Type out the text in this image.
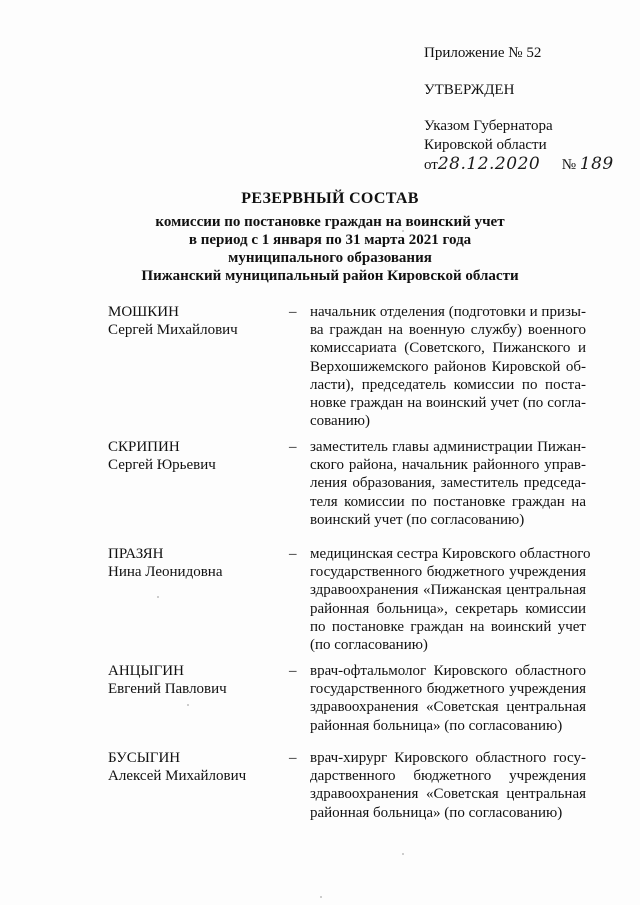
Приложение № 52
УТВЕРЖДЕН
Указом Губернатора
Кировской области
от28.12.2020 № 189
РЕЗЕРВНЫЙ СОСТАВ
комиссии по постановке граждан на воинский учет
в период с 1 января по 31 марта 2021 года
муниципального образования
Пижанский муниципальный район Кировской области
МОШКИН
Сергей Михайлович
– начальник отделения (подготовки и призы-
ва граждан на военную службу) военного
комиссариата (Советского, Пижанского и
Верхошижемского районов Кировской об-
ласти), председатель комиссии по поста-
новке граждан на воинский учет (по согла-
сованию)
СКРИПИН
Сергей Юрьевич
– заместитель главы администрации Пижан-
ского района, начальник районного управ-
ления образования, заместитель председа-
теля комиссии по постановке граждан на
воинский учет (по согласованию)
ПРАЗЯН
Нина Леонидовна
– медицинская сестра Кировского областного
государственного бюджетного учреждения
здравоохранения «Пижанская центральная
районная больница», секретарь комиссии
по постановке граждан на воинский учет
(по согласованию)
АНЦЫГИН
Евгений Павлович
– врач-офтальмолог Кировского областного
государственного бюджетного учреждения
здравоохранения «Советская центральная
районная больница» (по согласованию)
БУСЫГИН
Алексей Михайлович
– врач-хирург Кировского областного госу-
дарственного бюджетного учреждения
здравоохранения «Советская центральная
районная больница» (по согласованию)
